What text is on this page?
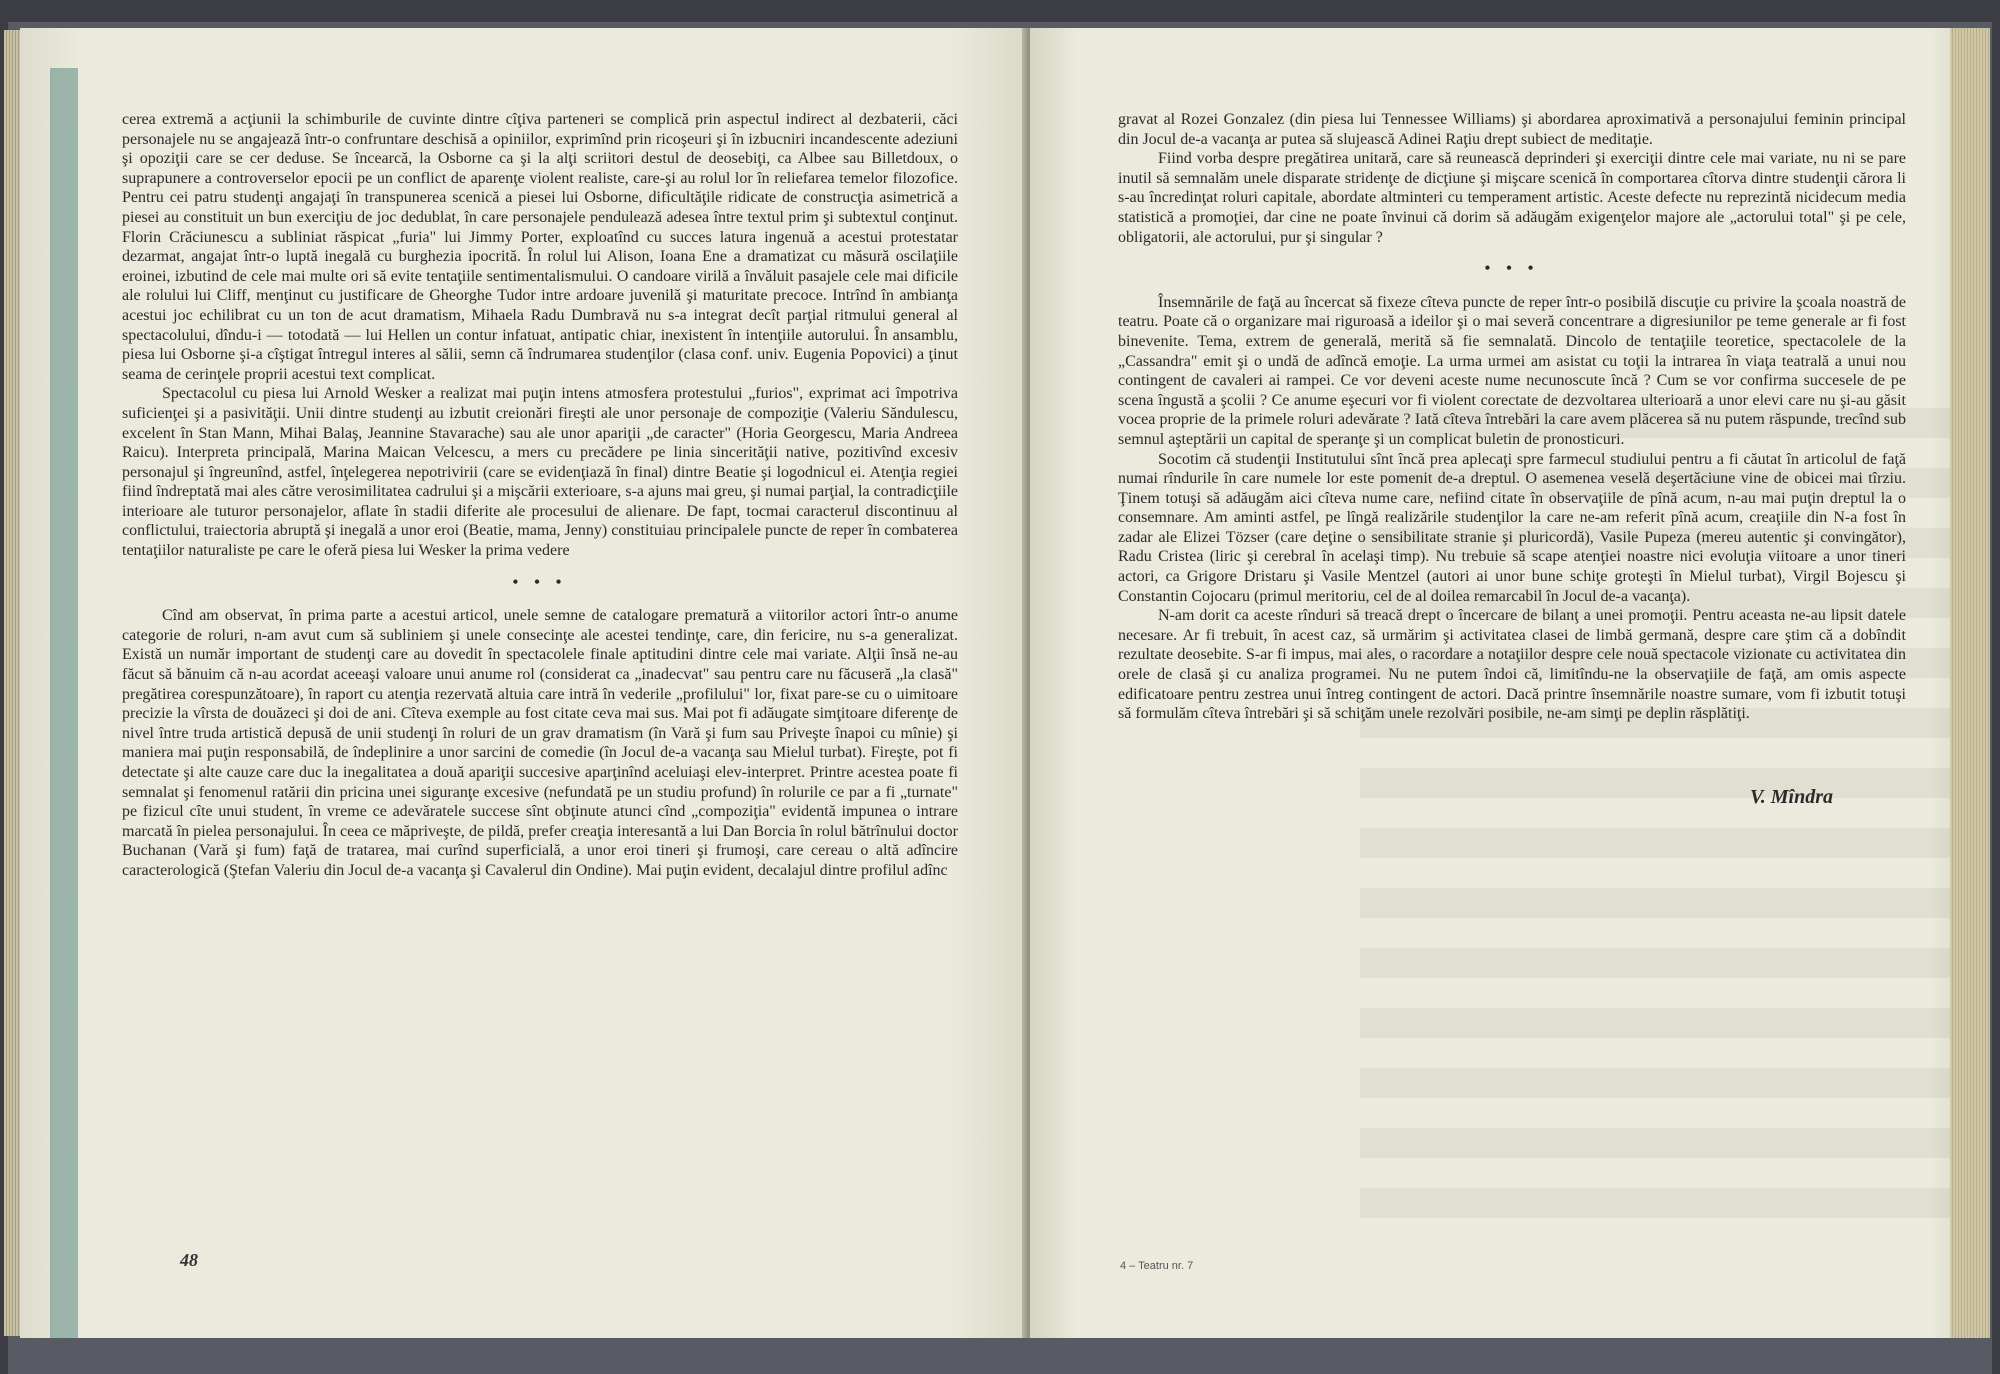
cerea extremă a acţiunii la schimburile de cuvinte dintre cîţiva parteneri se complică prin aspectul indirect al dezbaterii, căci personajele nu se angajează într-o confruntare deschisă a opiniilor, exprimînd prin ricoşeuri şi în izbucniri incandescente adeziuni şi opoziţii care se cer deduse. Se încearcă, la Osborne ca şi la alţi scriitori destul de deosebiţi, ca Albee sau Billetdoux, o suprapunere a controverselor epocii pe un conflict de aparenţe violent realiste, care-şi au rolul lor în reliefarea temelor filozofice. Pentru cei patru studenţi angajaţi în transpunerea scenică a piesei lui Osborne, dificultăţile ridicate de construcţia asimetrică a piesei au constituit un bun exerciţiu de joc dedublat, în care personajele pendulează adesea între textul prim şi subtextul conţinut. Florin Crăciunescu a subliniat răspicat „furia" lui Jimmy Porter, exploatînd cu succes latura ingenuă a acestui protestatar dezarmat, angajat într-o luptă inegală cu burghezia ipocrită. În rolul lui Alison, Ioana Ene a dramatizat cu măsură oscilaţiile eroinei, izbutind de cele mai multe ori să evite tentaţiile sentimentalismului. O candoare virilă a învăluit pasajele cele mai dificile ale rolului lui Cliff, menţinut cu justificare de Gheorghe Tudor intre ardoare juvenilă şi maturitate precoce. Intrînd în ambianţa acestui joc echilibrat cu un ton de acut dramatism, Mihaela Radu Dumbravă nu s-a integrat decît parţial ritmului general al spectacolului, dîndu-i — totodată — lui Hellen un contur infatuat, antipatic chiar, inexistent în intenţiile autorului. În ansamblu, piesa lui Osborne şi-a cîştigat întregul interes al sălii, semn că îndrumarea studenţilor (clasa conf. univ. Eugenia Popovici) a ţinut seama de cerinţele proprii acestui text complicat.

Spectacolul cu piesa lui Arnold Wesker a realizat mai puţin intens atmosfera protestului „furios", exprimat aci împotriva suficienţei şi a pasivităţii. Unii dintre studenţi au izbutit creionări fireşti ale unor personaje de compoziţie (Valeriu Săndulescu, excelent în Stan Mann, Mihai Balaş, Jeannine Stavarache) sau ale unor apariţii „de caracter" (Horia Georgescu, Maria Andreea Raicu). Interpreta principală, Marina Maican Velcescu, a mers cu precădere pe linia sincerităţii native, pozitivînd excesiv personajul şi îngreunînd, astfel, înţelegerea nepotrivirii (care se evidenţiază în final) dintre Beatie şi logodnicul ei. Atenţia regiei fiind îndreptată mai ales către verosimilitatea cadrului şi a mişcării exterioare, s-a ajuns mai greu, şi numai parţial, la contradicţiile interioare ale tuturor personajelor, aflate în stadii diferite ale procesului de alienare. De fapt, tocmai caracterul discontinuu al conflictului, traiectoria abruptă şi inegală a unor eroi (Beatie, mama, Jenny) constituiau principalele puncte de reper în combaterea tentaţiilor naturaliste pe care le oferă piesa lui Wesker la prima vedere

• • •

Cînd am observat, în prima parte a acestui articol, unele semne de catalogare prematură a viitorilor actori într-o anume categorie de roluri, n-am avut cum să subliniem şi unele consecinţe ale acestei tendinţe, care, din fericire, nu s-a generalizat. Există un număr important de studenţi care au dovedit în spectacolele finale aptitudini dintre cele mai variate. Alţii însă ne-au făcut să bănuim că n-au acordat aceeaşi valoare unui anume rol (considerat ca „inadecvat" sau pentru care nu făcuseră „la clasă" pregătirea corespunzătoare), în raport cu atenţia rezervată altuia care intră în vederile „profilului" lor, fixat pare-se cu o uimitoare precizie la vîrsta de douăzeci şi doi de ani. Cîteva exemple au fost citate ceva mai sus. Mai pot fi adăugate simţitoare diferenţe de nivel între truda artistică depusă de unii studenţi în roluri de un grav dramatism (în Vară şi fum sau Priveşte înapoi cu mînie) şi maniera mai puţin responsabilă, de îndeplinire a unor sarcini de comedie (în Jocul de-a vacanţa sau Mielul turbat). Fireşte, pot fi detectate şi alte cauze care duc la inegalitatea a două apariţii succesive aparţinînd aceluiaşi elev-interpret. Printre acestea poate fi semnalat şi fenomenul ratării din pricina unei siguranţe excesive (nefundată pe un studiu profund) în rolurile ce par a fi „turnate" pe fizicul cîte unui student, în vreme ce adevăratele succese sînt obţinute atunci cînd „compoziţia" evidentă impunea o intrare marcată în pielea personajului. În ceea ce măpriveşte, de pildă, prefer creaţia interesantă a lui Dan Borcia în rolul bătrînului doctor Buchanan (Vară şi fum) faţă de tratarea, mai curînd superficială, a unor eroi tineri şi frumoşi, care cereau o altă adîncire caracterologică (Ştefan Valeriu din Jocul de-a vacanţa şi Cavalerul din Ondine). Mai puţin evident, decalajul dintre profilul adînc

48

gravat al Rozei Gonzalez (din piesa lui Tennessee Williams) şi abordarea aproximativă a personajului feminin principal din Jocul de-a vacanţa ar putea să slujească Adinei Raţiu drept subiect de meditaţie.

Fiind vorba despre pregătirea unitară, care să reunească deprinderi şi exerciţii dintre cele mai variate, nu ni se pare inutil să semnalăm unele disparate stridenţe de dicţiune şi mişcare scenică în comportarea cîtorva dintre studenţii cărora li s-au încredinţat roluri capitale, abordate altminteri cu temperament artistic. Aceste defecte nu reprezintă nicidecum media statistică a promoţiei, dar cine ne poate învinui că dorim să adăugăm exigenţelor majore ale „actorului total" şi pe cele, obligatorii, ale actorului, pur şi singular ?

• • •

Însemnările de faţă au încercat să fixeze cîteva puncte de reper într-o posibilă discuţie cu privire la şcoala noastră de teatru. Poate că o organizare mai riguroasă a ideilor şi o mai severă concentrare a digresiunilor pe teme generale ar fi fost binevenite. Tema, extrem de generală, merită să fie semnalată. Dincolo de tentaţiile teoretice, spectacolele de la „Cassandra" emit şi o undă de adîncă emoţie. La urma urmei am asistat cu toţii la intrarea în viaţa teatrală a unui nou contingent de cavaleri ai rampei. Ce vor deveni aceste nume necunoscute încă ? Cum se vor confirma succesele de pe scena îngustă a şcolii ? Ce anume eşecuri vor fi violent corectate de dezvoltarea ulterioară a unor elevi care nu şi-au găsit vocea proprie de la primele roluri adevărate ? Iată cîteva întrebări la care avem plăcerea să nu putem răspunde, trecînd sub semnul aşteptării un capital de speranţe şi un complicat buletin de pronosticuri.

Socotim că studenţii Institutului sînt încă prea aplecaţi spre farmecul studiului pentru a fi căutat în articolul de faţă numai rîndurile în care numele lor este pomenit de-a dreptul. O asemenea veselă deşertăciune vine de obicei mai tîrziu. Ţinem totuşi să adăugăm aici cîteva nume care, nefiind citate în observaţiile de pînă acum, n-au mai puţin dreptul la o consemnare. Am aminti astfel, pe lîngă realizările studenţilor la care ne-am referit pînă acum, creaţiile din N-a fost în zadar ale Elizei Tözser (care deţine o sensibilitate stranie şi pluricordă), Vasile Pupeza (mereu autentic şi convingător), Radu Cristea (liric şi cerebral în acelaşi timp). Nu trebuie să scape atenţiei noastre nici evoluţia viitoare a unor tineri actori, ca Grigore Dristaru şi Vasile Mentzel (autori ai unor bune schiţe groteşti în Mielul turbat), Virgil Bojescu şi Constantin Cojocaru (primul meritoriu, cel de al doilea remarcabil în Jocul de-a vacanţa).

N-am dorit ca aceste rînduri să treacă drept o încercare de bilanţ a unei promoţii. Pentru aceasta ne-au lipsit datele necesare. Ar fi trebuit, în acest caz, să urmărim şi activitatea clasei de limbă germană, despre care ştim că a dobîndit rezultate deosebite. S-ar fi impus, mai ales, o racordare a notaţiilor despre cele nouă spectacole vizionate cu activitatea din orele de clasă şi cu analiza programei. Nu ne putem îndoi că, limitîndu-ne la observaţiile de faţă, am omis aspecte edificatoare pentru zestrea unui întreg contingent de actori. Dacă printre însemnările noastre sumare, vom fi izbutit totuşi să formulăm cîteva întrebări şi să schiţăm unele rezolvări posibile, ne-am simţi pe deplin răsplătiţi.

V. Mîndra
4 – Teatru nr. 7
